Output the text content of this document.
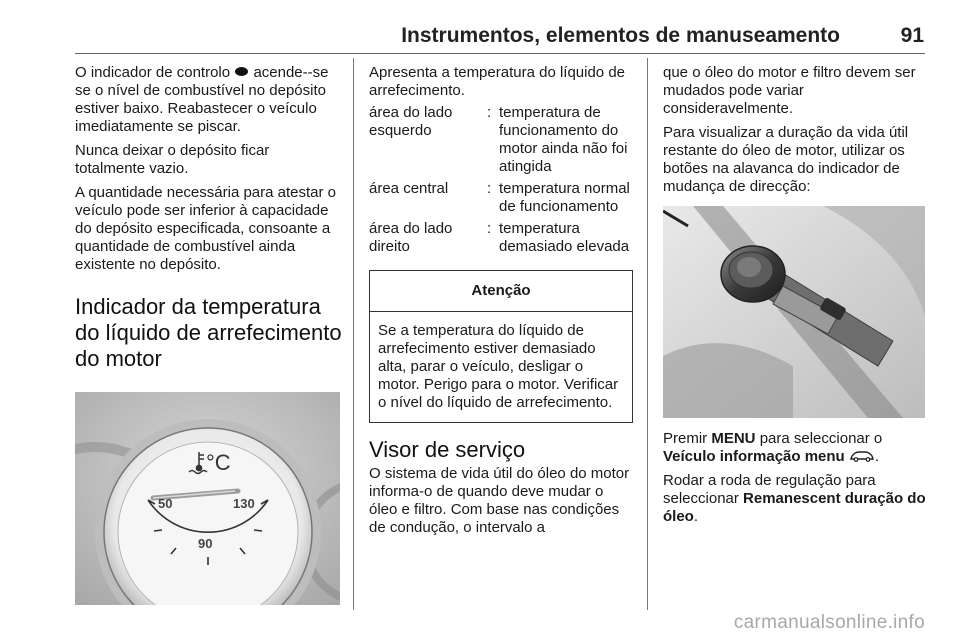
Instrumentos, elementos de manuseamento	91

O indicador de controlo acende--se se o nível de combustível no depósito estiver baixo. Reabastecer o veículo imediatamente se piscar.

Nunca deixar o depósito ficar totalmente vazio.

A quantidade necessária para atestar o veículo pode ser inferior à capacidade do depósito especificada, consoante a quantidade de combustível ainda existente no depósito.

Indicador da temperatura do líquido de arrefecimento do motor
°C
50
90
130

Apresenta a temperatura do líquido de arrefecimento.

área do lado esquerdo	:	temperatura de funcionamento do motor ainda não foi atingida
área central	:	temperatura normal de funcionamento
área do lado direito	:	temperatura demasiado elevada
Atenção
Se a temperatura do líquido de arrefecimento estiver demasiado alta, parar o veículo, desligar o motor. Perigo para o motor. Verificar o nível do líquido de arrefecimento.
Visor de serviço

O sistema de vida útil do óleo do motor informa-o de quando deve mudar o óleo e filtro. Com base nas condições de condução, o intervalo a

que o óleo do motor e filtro devem ser mudados pode variar consideravelmente.

Para visualizar a duração da vida útil restante do óleo de motor, utilizar os botões na alavanca do indicador de mudança de direcção:

Premir MENU para seleccionar o Veículo informação menu .

Rodar a roda de regulação para seleccionar Remanescent duração do óleo.

carmanualsonline.info
